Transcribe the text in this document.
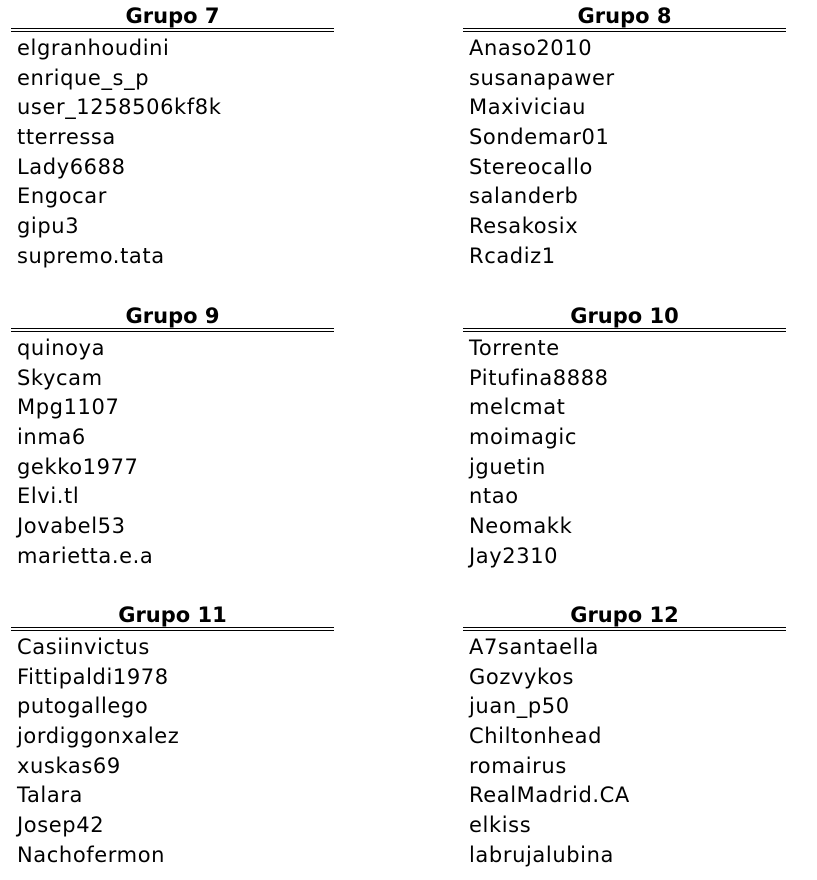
Grupo 7
elgranhoudini
enrique_s_p
user_1258506kf8k
tterressa
Lady6688
Engocar
gipu3
supremo.tata
Grupo 8
Anaso2010
susanapawer
Maxiviciau
Sondemar01
Stereocallo
salanderb
Resakosix
Rcadiz1
Grupo 9
quinoya
Skycam
Mpg1107
inma6
gekko1977
Elvi.tl
Jovabel53
marietta.e.a
Grupo 10
Torrente
Pitufina8888
melcmat
moimagic
jguetin
ntao
Neomakk
Jay2310
Grupo 11
Casiinvictus
Fittipaldi1978
putogallego
jordiggonxalez
xuskas69
Talara
Josep42
Nachofermon
Grupo 12
A7santaella
Gozvykos
juan_p50
Chiltonhead
romairus
RealMadrid.CA
elkiss
labrujalubina
